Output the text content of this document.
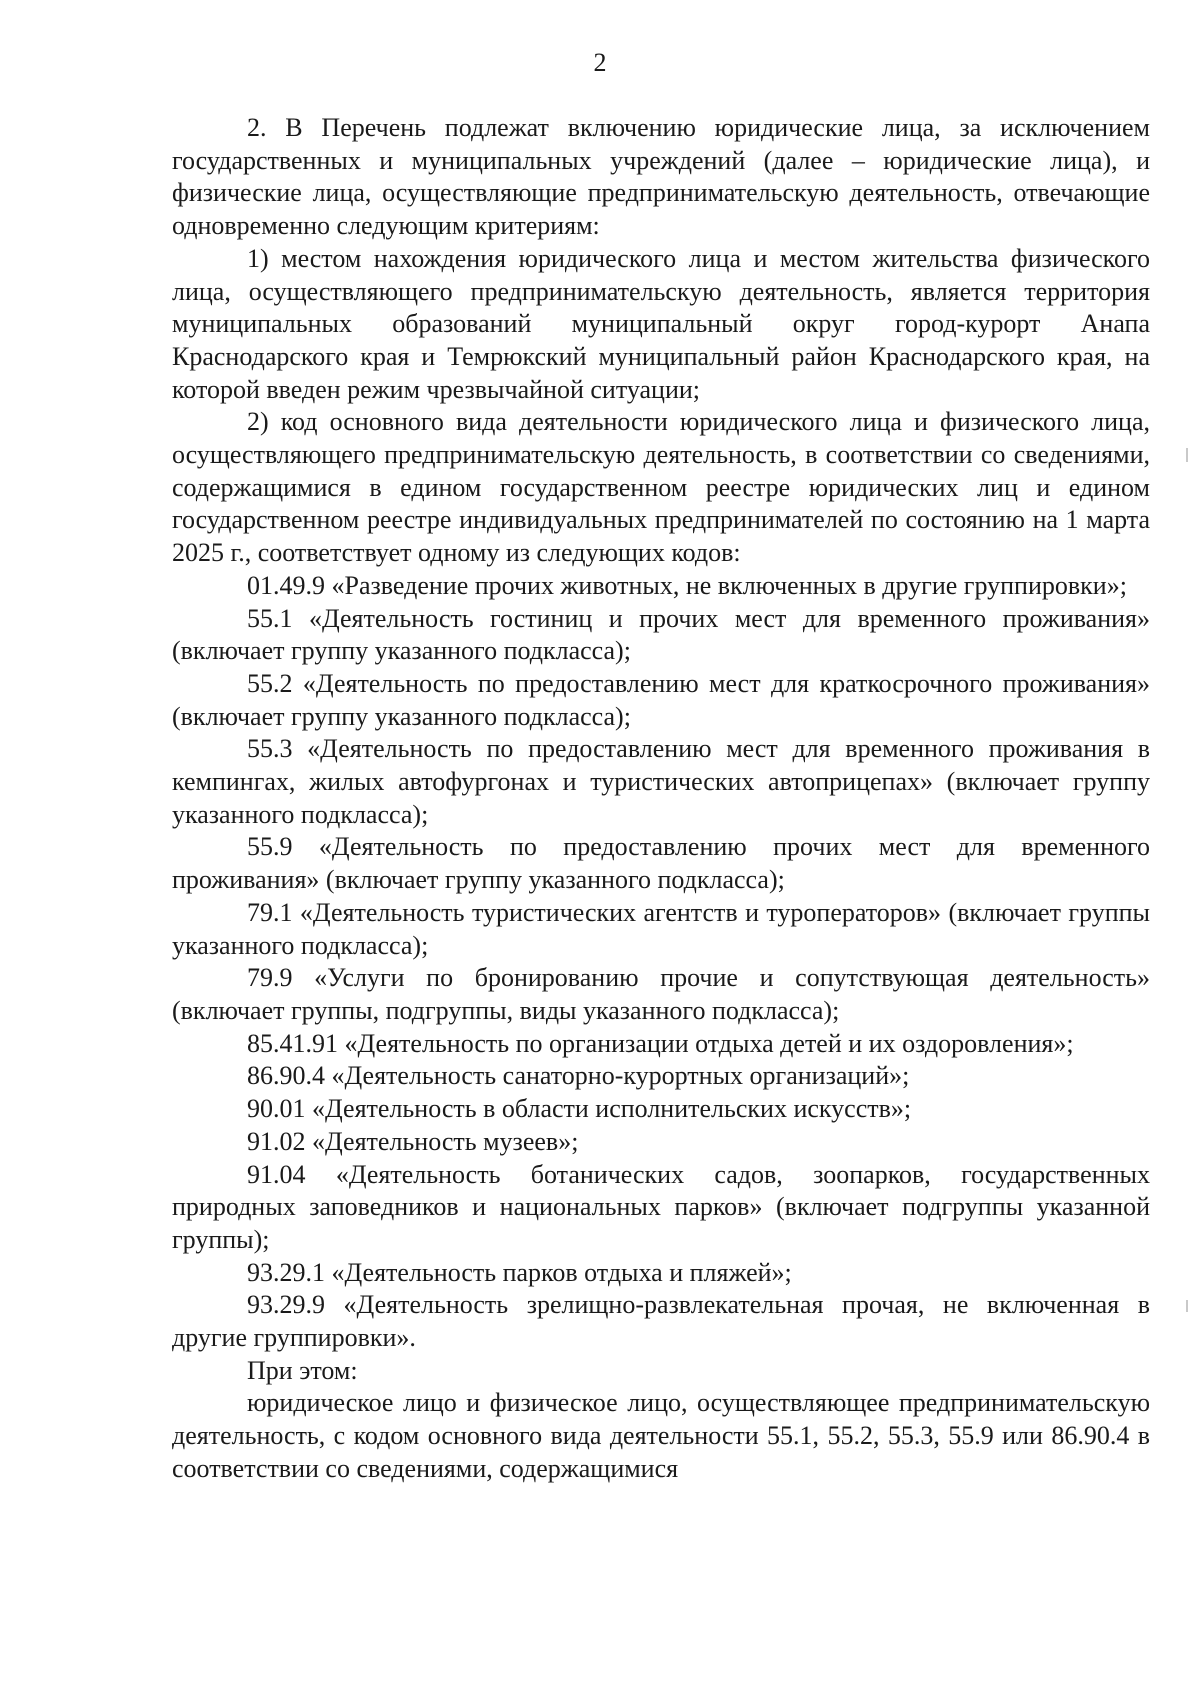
2

2. В Перечень подлежат включению юридические лица, за исключением государственных и муниципальных учреждений (далее – юридические лица), и физические лица, осуществляющие предпринимательскую деятельность, отвечающие одновременно следующим критериям:

1) местом нахождения юридического лица и местом жительства физического лица, осуществляющего предпринимательскую деятельность, является территория муниципальных образований муниципальный округ город-курорт Анапа Краснодарского края и Темрюкский муниципальный район Краснодарского края, на которой введен режим чрезвычайной ситуации;

2) код основного вида деятельности юридического лица и физического лица, осуществляющего предпринимательскую деятельность, в соответствии со сведениями, содержащимися в едином государственном реестре юридических лиц и едином государственном реестре индивидуальных предпринимателей по состоянию на 1 марта 2025 г., соответствует одному из следующих кодов:

01.49.9 «Разведение прочих животных, не включенных в другие группировки»;

55.1 «Деятельность гостиниц и прочих мест для временного проживания» (включает группу указанного подкласса);

55.2 «Деятельность по предоставлению мест для краткосрочного проживания» (включает группу указанного подкласса);

55.3 «Деятельность по предоставлению мест для временного проживания в кемпингах, жилых автофургонах и туристических автоприцепах» (включает группу указанного подкласса);

55.9 «Деятельность по предоставлению прочих мест для временного проживания» (включает группу указанного подкласса);

79.1 «Деятельность туристических агентств и туроператоров» (включает группы указанного подкласса);

79.9 «Услуги по бронированию прочие и сопутствующая деятельность» (включает группы, подгруппы, виды указанного подкласса);

85.41.91 «Деятельность по организации отдыха детей и их оздоровления»;

86.90.4 «Деятельность санаторно-курортных организаций»;

90.01 «Деятельность в области исполнительских искусств»;

91.02 «Деятельность музеев»;

91.04 «Деятельность ботанических садов, зоопарков, государственных природных заповедников и национальных парков» (включает подгруппы указанной группы);

93.29.1 «Деятельность парков отдыха и пляжей»;

93.29.9 «Деятельность зрелищно-развлекательная прочая, не включенная в другие группировки».

При этом:

юридическое лицо и физическое лицо, осуществляющее предпринимательскую деятельность, с кодом основного вида деятельности 55.1, 55.2, 55.3, 55.9 или 86.90.4 в соответствии со сведениями, содержащимися
